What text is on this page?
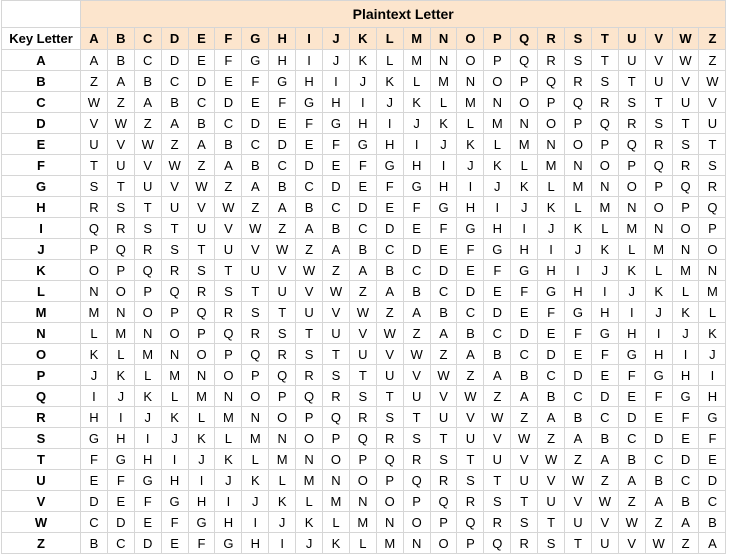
	Plaintext Letter																							
Key Letter	A	B	C	D	E	F	G	H	I	J	K	L	M	N	O	P	Q	R	S	T	U	V	W	Z
A	A	B	C	D	E	F	G	H	I	J	K	L	M	N	O	P	Q	R	S	T	U	V	W	Z
B	Z	A	B	C	D	E	F	G	H	I	J	K	L	M	N	O	P	Q	R	S	T	U	V	W
C	W	Z	A	B	C	D	E	F	G	H	I	J	K	L	M	N	O	P	Q	R	S	T	U	V
D	V	W	Z	A	B	C	D	E	F	G	H	I	J	K	L	M	N	O	P	Q	R	S	T	U
E	U	V	W	Z	A	B	C	D	E	F	G	H	I	J	K	L	M	N	O	P	Q	R	S	T
F	T	U	V	W	Z	A	B	C	D	E	F	G	H	I	J	K	L	M	N	O	P	Q	R	S
G	S	T	U	V	W	Z	A	B	C	D	E	F	G	H	I	J	K	L	M	N	O	P	Q	R
H	R	S	T	U	V	W	Z	A	B	C	D	E	F	G	H	I	J	K	L	M	N	O	P	Q
I	Q	R	S	T	U	V	W	Z	A	B	C	D	E	F	G	H	I	J	K	L	M	N	O	P
J	P	Q	R	S	T	U	V	W	Z	A	B	C	D	E	F	G	H	I	J	K	L	M	N	O
K	O	P	Q	R	S	T	U	V	W	Z	A	B	C	D	E	F	G	H	I	J	K	L	M	N
L	N	O	P	Q	R	S	T	U	V	W	Z	A	B	C	D	E	F	G	H	I	J	K	L	M
M	M	N	O	P	Q	R	S	T	U	V	W	Z	A	B	C	D	E	F	G	H	I	J	K	L
N	L	M	N	O	P	Q	R	S	T	U	V	W	Z	A	B	C	D	E	F	G	H	I	J	K
O	K	L	M	N	O	P	Q	R	S	T	U	V	W	Z	A	B	C	D	E	F	G	H	I	J
P	J	K	L	M	N	O	P	Q	R	S	T	U	V	W	Z	A	B	C	D	E	F	G	H	I
Q	I	J	K	L	M	N	O	P	Q	R	S	T	U	V	W	Z	A	B	C	D	E	F	G	H
R	H	I	J	K	L	M	N	O	P	Q	R	S	T	U	V	W	Z	A	B	C	D	E	F	G
S	G	H	I	J	K	L	M	N	O	P	Q	R	S	T	U	V	W	Z	A	B	C	D	E	F
T	F	G	H	I	J	K	L	M	N	O	P	Q	R	S	T	U	V	W	Z	A	B	C	D	E
U	E	F	G	H	I	J	K	L	M	N	O	P	Q	R	S	T	U	V	W	Z	A	B	C	D
V	D	E	F	G	H	I	J	K	L	M	N	O	P	Q	R	S	T	U	V	W	Z	A	B	C
W	C	D	E	F	G	H	I	J	K	L	M	N	O	P	Q	R	S	T	U	V	W	Z	A	B
Z	B	C	D	E	F	G	H	I	J	K	L	M	N	O	P	Q	R	S	T	U	V	W	Z	A
